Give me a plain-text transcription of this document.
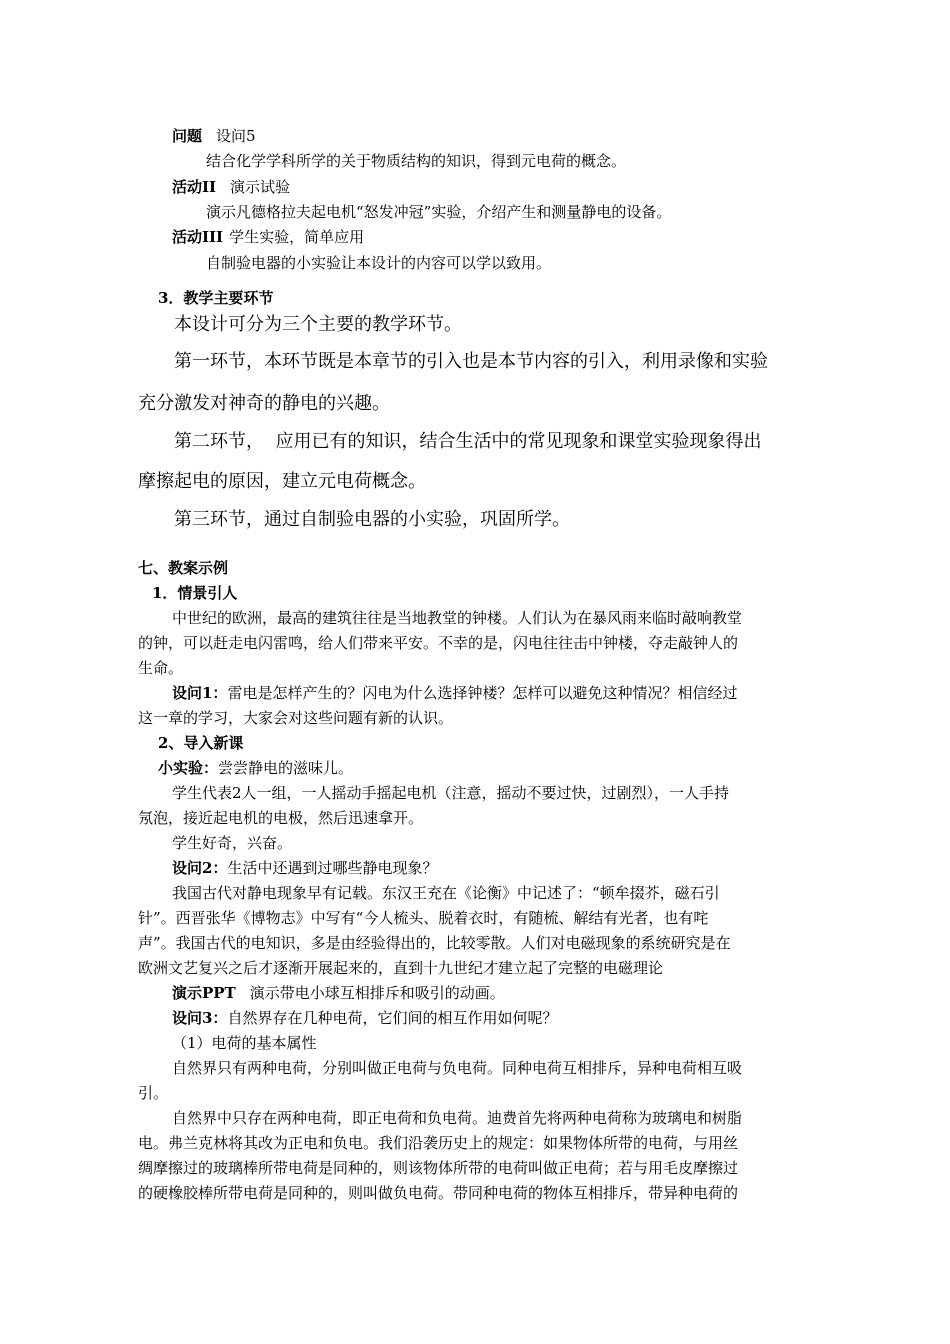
问题 设问5
结合化学学科所学的关于物质结构的知识，得到元电荷的概念。
活动II 演示试验
演示凡德格拉夫起电机“怒发冲冠”实验，介绍产生和测量静电的设备。
活动III 学生实验，简单应用
自制验电器的小实验让本设计的内容可以学以致用。
3．教学主要环节
本设计可分为三个主要的教学环节。
第一环节，本环节既是本章节的引入也是本节内容的引入，利用录像和实验
充分激发对神奇的静电的兴趣。
第二环节，  应用已有的知识，结合生活中的常见现象和课堂实验现象得出
摩擦起电的原因，建立元电荷概念。
第三环节，通过自制验电器的小实验，巩固所学。
七、教案示例
1．情景引人
中世纪的欧洲，最高的建筑往往是当地教堂的钟楼。人们认为在暴风雨来临时敲响教堂
的钟，可以赶走电闪雷鸣，给人们带来平安。不幸的是，闪电往往击中钟楼，夺走敲钟人的
生命。
设问1：雷电是怎样产生的？闪电为什么选择钟楼？怎样可以避免这种情况？相信经过
这一章的学习，大家会对这些问题有新的认识。
2、导入新课
小实验：尝尝静电的滋味儿。
学生代表2人一组，一人摇动手摇起电机（注意，摇动不要过快，过剧烈），一人手持
氖泡，接近起电机的电极，然后迅速拿开。
学生好奇，兴奋。
设问2：生活中还遇到过哪些静电现象？
我国古代对静电现象早有记载。东汉王充在《论衡》中记述了：“顿牟掇芥，磁石引
针”。西晋张华《博物志》中写有“今人梳头、脱着衣时，有随梳、解结有光者，也有咤
声”。我国古代的电知识，多是由经验得出的，比较零散。人们对电磁现象的系统研究是在
欧洲文艺复兴之后才逐渐开展起来的，直到十九世纪才建立起了完整的电磁理论
演示PPT 演示带电小球互相排斥和吸引的动画。
设问3：自然界存在几种电荷，它们间的相互作用如何呢？
（1）电荷的基本属性
自然界只有两种电荷，分别叫做正电荷与负电荷。同种电荷互相排斥，异种电荷相互吸
引。
自然界中只存在两种电荷，即正电荷和负电荷。迪费首先将两种电荷称为玻璃电和树脂
电。弗兰克林将其改为正电和负电。我们沿袭历史上的规定：如果物体所带的电荷，与用丝
绸摩擦过的玻璃棒所带电荷是同种的，则该物体所带的电荷叫做正电荷；若与用毛皮摩擦过
的硬橡胶棒所带电荷是同种的，则叫做负电荷。带同种电荷的物体互相排斥，带异种电荷的
